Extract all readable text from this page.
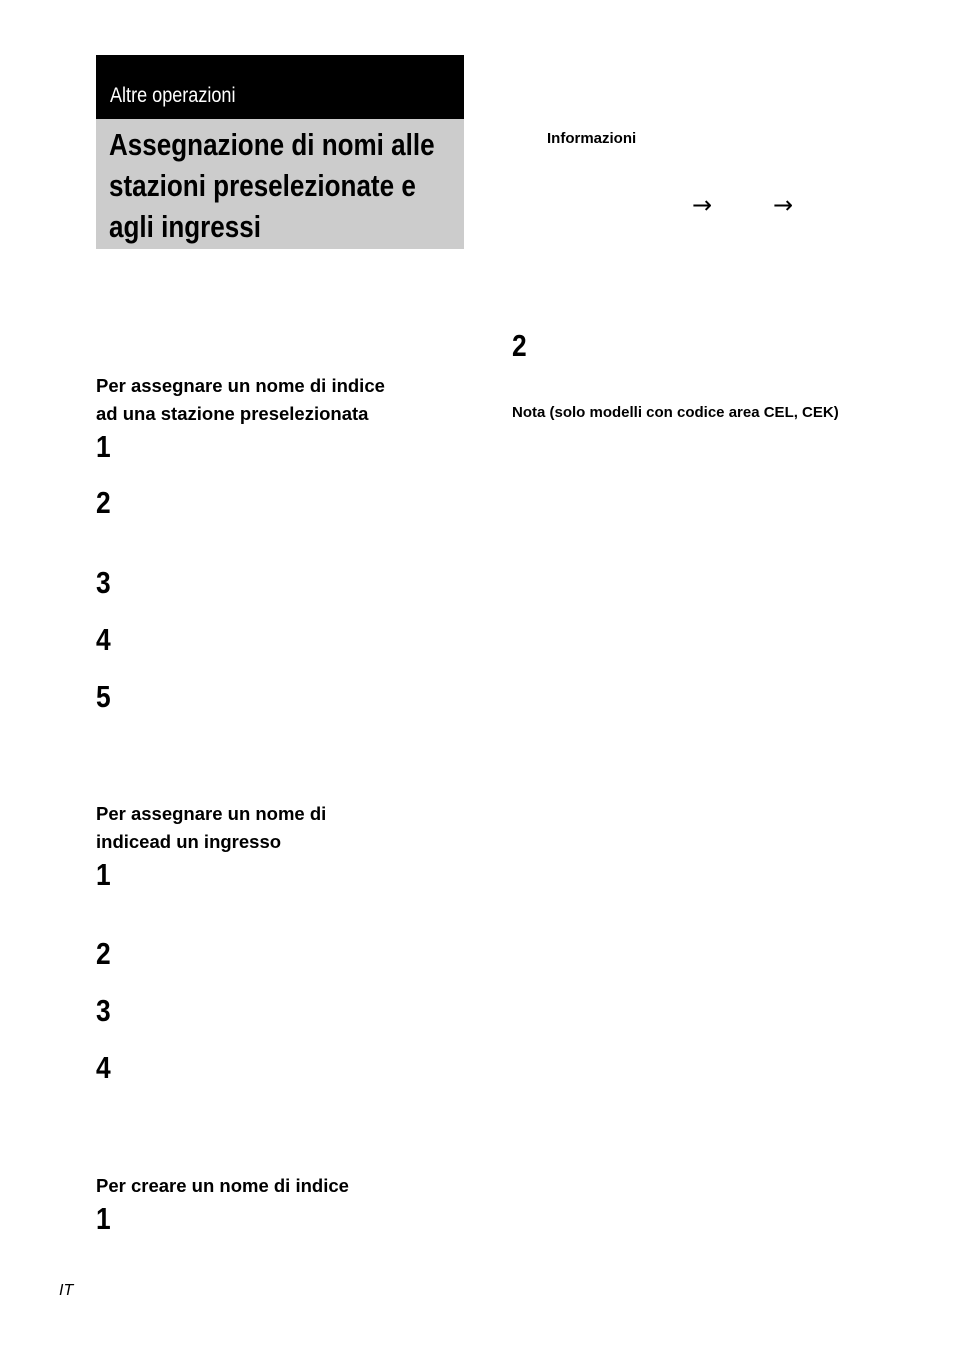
Altre operazioni
Assegnazione di nomi alle stazioni preselezionate e agli ingressi
Per assegnare un nome di indice
ad una stazione preselezionata
1
2
3
4
5
Per assegnare un nome di
indicead un ingresso
1
2
3
4
Per creare un nome di indice
1
Informazioni
→	→
2

Nota (solo modelli con codice area CEL, CEK)

IT
